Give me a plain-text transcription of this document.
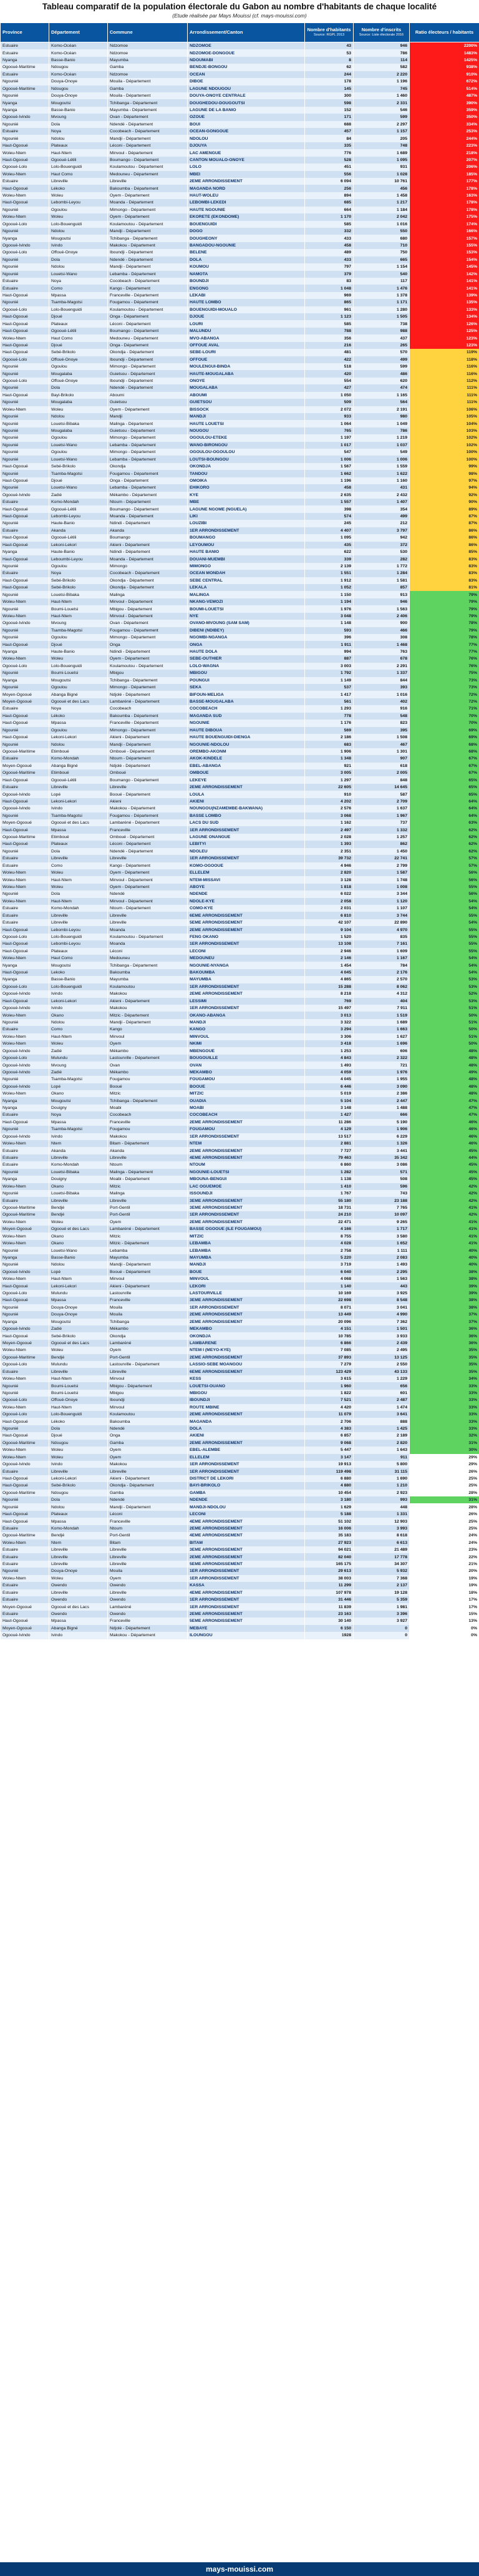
Tableau comparatif de la population électorale du Gabon au nombre d'habitants de chaque localité
(Etude réalisée par Mays Mouissi (cf. mays-mouissi.com)
Province	Département	Commune	Arrondissement/Canton	Nombre d'habitants
Source: RGPL 2013	Nombre d'inscrits
Source: Liste électorale 2016	Ratio électeurs / habitants
Estuaire	Komo-Océan	Ndzomoe	NDZOMOE	43	946	2200%
Estuaire	Komo-Océan	Ndzomoe	NDZOMOE-DONGOUE	53	786	1483%
Nyanga	Basse-Banio	Mayumba	NDOUMABI	8	114	1425%
Ogooué-Maritime	Ndougou	Gamba	BENDJE-BONGOU	62	582	938%
Estuaire	Komo-Océan	Ndzomoe	OCEAN	244	2 220	910%
Ngounié	Douya-Onoye	Mouila - Département	DIBOE	178	1 196	672%
Ogooué-Maritime	Ndougou	Gamba	LAGUNE NDOUGOU	145	745	514%
Ngounié	Douya-Onoye	Mouila - Département	DOUYA-ONOYE CENTRALE	300	1 460	487%
Nyanga	Mougoutsi	Tchibanga - Département	DOUGHEDOU-DOUGOUTSI	598	2 331	390%
Nyanga	Basse-Banio	Mayumba - Département	LAGUNE DE LA BANIO	152	546	359%
Ogooué-Ivindo	Mvoung	Ovan - Département	OZOUE	171	599	350%
Ngounié	Dola	Ndendé - Département	BOUI	688	2 297	334%
Estuaire	Noya	Cocobeach - Département	OCEAN-GONGOUE	457	1 157	253%
Ngounié	Ndolou	Mandji - Département	NDOLOU	84	205	244%
Haut-Ogooué	Plateaux	Léconi - Département	DJOUYA	335	748	223%
Woleu-Ntem	Haut-Ntem	Minvoul - Département	LAC AMENGUE	776	1 689	218%
Haut-Ogooué	Ogooué-Létili	Boumango - Département	CANTON MOUALO-ONOYE	528	1 095	207%
Ogooué-Lolo	Lolo-Bouenguidi	Koulamoutou - Département	LOLO	451	931	206%
Woleu-Ntem	Haut Como	Medouneu - Département	MBEI	556	1 028	185%
Estuaire	Libreville	Libreville	2EME ARRONDISSEMENT	6 094	10 761	177%
Haut-Ogooué	Lékoko	Bakoumba - Département	MAGANDA NORD	256	456	178%
Woleu-Ntem	Woleu	Oyem - Département	HAUT-WOLEU	894	1 458	163%
Haut-Ogooué	Lebombi-Leyou	Moanda - Département	LEBOMBI-LEKEDI	685	1 217	178%
Ngounié	Ogoulou	Mimongo - Département	HAUTE NGOUNIE	664	1 184	178%
Woleu-Ntem	Woleu	Oyem - Département	EKORETE (EKONDOME)	1 170	2 042	175%
Ogooué-Lolo	Lolo-Bouenguidi	Koulamoutou - Département	BOUENGUIDI	585	1 016	174%
Ngounié	Ndolou	Mandji - Département	DOGO	332	550	166%
Nyanga	Mougoutsi	Tchibanga - Département	DOUGHEONY	433	680	157%
Ogooué-Ivindo	Ivindo	Makokou - Département	BANGADOU-NGOUNIE	458	710	155%
Ogooué-Lolo	Offoué-Onoye	Iboundji - Département	BELENE	489	750	153%
Ngounié	Dola	Ndendé - Département	DOLA	433	665	154%
Ngounié	Ndolou	Mandji - Département	KOUMOU	797	1 154	145%
Ngounié	Louetsi-Wano	Lebamba - Département	NAMOTA	379	540	142%
Estuaire	Noya	Cocobeach - Département	BOUNDJI	83	117	141%
Estuaire	Como	Kango - Département	ENGONG	1 048	1 476	141%
Haut-Ogooué	Mpassa	Franceville - Département	LEKABI	969	1 378	139%
Ngounié	Tsamba-Magotsi	Fougamou - Département	HAUTE LOMBO	865	1 171	135%
Ogooué-Lolo	Lolo-Bouenguidi	Koulamoutou - Département	BOUENGUIDI-MOUALO	961	1 280	133%
Haut-Ogooué	Djoué	Onga - Département	DJOUE	1 123	1 505	134%
Haut-Ogooué	Plateaux	Léconi - Département	LOURI	585	738	126%
Haut-Ogooué	Ogooué-Létili	Boumango - Département	MALUNDU	788	988	125%
Woleu-Ntem	Haut Como	Medouneu - Département	MVO-ABANGA	356	437	123%
Haut-Ogooué	Djoué	Onga - Département	OFFOUE AVAL	216	265	123%
Haut-Ogooué	Sebé-Brikolo	Okondja - Département	SEBE-LOURI	481	570	119%
Ogooué-Lolo	Offoué-Onoye	Iboundji - Département	OFFOUE	422	499	118%
Ngounié	Ogoulou	Mimongo - Département	MOULENGUI-BINDA	518	599	116%
Ngounié	Mougalaba	Guietsou - Département	HAUTE-MOUGALABA	420	486	116%
Ogooué-Lolo	Offoué-Onoye	Iboundji - Département	ONOYE	554	620	112%
Ngounié	Dola	Ndendé - Département	MOUGALABA	427	474	111%
Haut-Ogooué	Bayi-Brikolo	Aboumi	ABOUMI	1 050	1 165	111%
Ngounié	Mougalaba	Guietsou	GUIETSOU	509	564	111%
Woleu-Ntem	Woleu	Oyem - Département	BISSOCK	2 072	2 191	106%
Ngounié	Ndolou	Mandji	MANDJI	933	980	105%
Ngounié	Louetsi-Bibaka	Malinga - Département	HAUTE LOUETSI	1 064	1 049	104%
Ngounié	Mougalaba	Guietsou - Département	NOUGOU	765	786	103%
Ngounié	Ogoulou	Mimongo - Département	OGOULOU-ETEKE	1 197	1 219	102%
Ngounié	Louetsi-Wano	Lebamba - Département	WANO-BIRONGOU	1 017	1 037	102%
Ngounié	Ogoulou	Mimongo - Département	OGOULOU-OGOULOU	547	549	100%
Ngounié	Louetsi-Wano	Lebamba - Département	LOUTSI-BOUNGOU	1 006	1 006	100%
Haut-Ogooué	Sebé-Brikolo	Okondja	OKONDJA	1 567	1 559	99%
Ngounié	Tsamba-Magotsi	Fougamou - Département	TANDOU	1 662	1 622	98%
Haut-Ogooué	Djoué	Onga - Département	OMOIKA	1 196	1 160	97%
Ngounié	Louetsi-Wano	Lebamba - Département	EHIKORO	458	431	94%
Ogooué-Ivindo	Zadié	Mékambo - Département	KYE	2 635	2 432	92%
Estuaire	Komo-Mondah	Ntoum - Département	MBE	1 557	1 407	90%
Haut-Ogooué	Ogooué-Létili	Boumango - Département	LAGUNE NGOME (NGUELA)	398	354	89%
Haut-Ogooué	Lebombi-Leyou	Moanda - Département	LIKI	574	499	87%
Ngounié	Haute-Banio	Ndindi - Département	LOUZIBI	245	212	87%
Estuaire	Akanda	Akanda	1ER ARRONDISSEMENT	4 407	3 797	86%
Haut-Ogooué	Ogooué-Létili	Boumango	BOUMANGO	1 095	942	86%
Haut-Ogooué	Lekoni-Lekori	Akieni - Département	LEYOUMOU	435	372	86%
Nyanga	Haute-Banio	Ndindi - Département	HAUTE BANIO	622	530	85%
Haut-Ogooué	Leboumbi-Leyou	Moanda - Département	DOUANI-MUEMBI	339	282	83%
Ngounié	Ogoulou	Mimongo	MIMONGO	2 139	1 772	83%
Estuaire	Noya	Cocobeach - Département	OCEAN MONDAH	1 551	1 284	83%
Haut-Ogooué	Sebé-Brikolo	Okondja - Département	SEBE CENTRAL	1 912	1 581	83%
Haut-Ogooué	Sebé-Brikolo	Okondja - Département	LEKALA	1 052	857	81%
Ngounié	Louetsi-Bibaka	Malinga	MALINGA	1 150	913	79%
Woleu-Ntem	Haut-Ntem	Minvoul - Département	NKANG-VEMOZI	1 194	946	79%
Ngounié	Boumi-Louetsi	Mbigou - Département	BOUMI-LOUETSI	1 976	1 563	79%
Woleu-Ntem	Haut-Ntem	Minvoul - Département	NYE	3 048	2 406	79%
Ogooué-Ivindo	Mvoung	Ovan - Département	OVANO-MVOUNG (SAM SAM)	1 148	900	78%
Ngounié	Tsamba-Magotsi	Fougamou - Département	DIBENI (NDIBEY)	593	466	79%
Ngounié	Ogoulou	Mimongo - Département	NGOMBI-NGANGA	396	308	78%
Haut-Ogooué	Djoué	Onga	ONGA	1 911	1 468	77%
Nyanga	Haute-Banio	Ndindi - Département	HAUTE DOLA	994	763	77%
Woleu-Ntem	Woleu	Oyem - Département	SEBE-OUTHIER	887	678	76%
Ogooué-Lolo	Lolo-Bouenguidi	Koulamoutou - Département	LOLO-WAGNA	3 003	2 291	76%
Ngounié	Boumi-Louetsi	Mbigou	MBIGOU	1 792	1 337	75%
Nyanga	Mougoutsi	Tchibanga - Département	POUNGUI	1 149	844	73%
Ngounié	Ogoulou	Mimongo - Département	SEKA	537	393	73%
Moyen-Ogooué	Abanga Bigné	Ndjolé - Département	BIFOUN-MELIGA	1 417	1 016	72%
Moyen-Ogooué	Ogooué et des Lacs	Lambaréné - Département	BASSE-MOUGALABA	561	402	72%
Estuaire	Noya	Cocobeach	COCOBEACH	1 293	916	71%
Haut-Ogooué	Lékoko	Bakoumba - Département	MAGANDA SUD	778	548	70%
Haut-Ogooué	Mpassa	Franceville - Département	NGOUNIE	1 176	823	70%
Ngounié	Ogoulou	Mimongo - Département	HAUTE DIBOUA	569	395	69%
Haut-Ogooué	Lekoni-Lekori	Akieni - Département	HAUTE BOUENGUIDI-DIENGA	2 186	1 508	69%
Ngounié	Ndolou	Mandji - Département	NGOUNIE-NDOLOU	683	467	68%
Ogooué-Maritime	Etimboué	Omboué - Département	OREMBO-AKONM	1 906	1 301	68%
Estuaire	Komo-Mondah	Ntoum - Département	AKOK-KINDELE	1 348	907	67%
Moyen-Ogooué	Abanga Bigné	Ndjolé - Département	EBEL-ABANGA	921	618	67%
Ogooué-Maritime	Etimboué	Omboué	OMBOUE	3 005	2 005	67%
Haut-Ogooué	Ogooué-Létili	Boumango - Département	LEKEYE	1 297	848	65%
Estuaire	Libreville	Libreville	2EME ARRONDISSEMENT	22 605	14 645	65%
Ogooué-Ivindo	Lopé	Booué - Département	LOULA	910	587	65%
Haut-Ogooué	Lekoni-Lekori	Akieni	AKIENI	4 202	2 709	64%
Ogooué-Ivindo	Ivindo	Makokou - Département	NOUNGOU(NZAMEMBE-BAKWANA)	2 576	1 637	64%
Ngounié	Tsamba-Magotsi	Fougamou - Département	BASSE LOMBO	3 068	1 967	64%
Moyen-Ogooué	Ogooué et des Lacs	Lambaréné - Département	LACS DU SUD	1 162	737	63%
Haut-Ogooué	Mpassa	Franceville	1ER ARRONDISSEMENT	2 497	1 332	62%
Ogooué-Maritime	Etimboué	Omboué - Département	LAGUNE ONANGUE	2 028	1 257	62%
Haut-Ogooué	Plateaux	Léconi - Département	LEBITYI	1 393	862	62%
Ngounié	Dola	Ndendé - Département	NDOLEU	2 351	1 450	62%
Estuaire	Libreville	Libreville	1ER ARRONDISSEMENT	39 732	22 741	57%
Estuaire	Como	Kango - Département	KOMO-OGOOUE	4 946	2 799	57%
Woleu-Ntem	Woleu	Oyem - Département	ELLELEM	2 820	1 587	56%
Woleu-Ntem	Haut-Ntem	Minvoul - Département	NTEM-MISSAVI	3 128	1 748	56%
Woleu-Ntem	Woleu	Oyem - Département	ABOYE	1 818	1 008	55%
Ngounié	Dola	Ndendé	NDENDE	6 022	3 344	56%
Woleu-Ntem	Haut-Ntem	Minvoul - Département	NDOLE-KYE	2 058	1 120	54%
Estuaire	Komo-Mondah	Ntoum - Département	COMO-KYE	2 031	1 107	54%
Estuaire	Libreville	Libreville	6EME ARRONDISSEMENT	6 810	3 744	55%
Estuaire	Libreville	Libreville	5EME ARRONDISSEMENT	42 107	22 890	54%
Haut-Ogooué	Lebombi-Leyou	Moanda	2EME ARRONDISSEMENT	9 104	4 970	55%
Ogooué-Lolo	Lolo-Bouenguidi	Koulamoutou - Département	FENG OKANO	1 520	835	55%
Haut-Ogooué	Lebombi-Leyou	Moanda	1ER ARRONDISSEMENT	13 108	7 161	55%
Haut-Ogooué	Plateaux	Léconi	LECONI	2 946	1 609	55%
Woleu-Ntem	Haut Como	Medouneu	MEDOUNEU	2 146	1 167	54%
Nyanga	Mougoutsi	Tchibanga - Département	NGOUNIE-NYANGA	1 454	784	54%
Haut-Ogooué	Lekoko	Bakoumba	BAKOUMBA	4 045	2 176	54%
Nyanga	Basse-Banio	Mayumba	MAYUMBA	4 865	2 570	53%
Ogooué-Lolo	Lolo-Bouenguidi	Koulamoutou	1ER ARRONDISSEMENT	15 288	8 062	53%
Ogooué-Ivindo	Ivindo	Makokou	2EME ARRONDISSEMENT	8 218	4 312	52%
Haut-Ogooué	Lekoni-Lekori	Akieni - Département	LESSIMI	769	404	53%
Ogooué-Ivindo	Ivindo	Makokou	1ER ARRONDISSEMENT	15 497	7 911	51%
Woleu-Ntem	Okano	Mitzic - Département	OKANO-ABANGA	3 013	1 519	50%
Ngounié	Ndolou	Mandji - Département	MANDJI	3 322	1 689	51%
Estuaire	Como	Kango	KANGO	3 294	1 663	50%
Woleu-Ntem	Haut-Ntem	Minvoul	MINVOUL	3 306	1 627	51%
Woleu-Ntem	Woleu	Oyem	NKIMI	3 418	1 696	50%
Ogooué-Ivindo	Zadié	Mékambo	MBENGOUE	1 253	606	48%
Ogooué-Lolo	Mulundu	Lastourville - Département	BOUGOUILLE	4 843	2 322	48%
Ogooué-Ivindo	Mvoung	Ovan	OVAN	1 493	721	48%
Ogooué-Ivindo	Zadié	Mékambo	MEKAMBO	4 059	1 976	49%
Ngounié	Tsamba-Magotsi	Fougamou	FOUGAMOU	4 045	1 955	48%
Ogooué-Ivindo	Lopé	Booué	BOOUE	6 446	3 090	48%
Woleu-Ntem	Okano	Mitzic	MITZIC	5 019	2 386	48%
Nyanga	Mougoutsi	Tchibanga - Département	OUADIA	5 104	2 447	47%
Nyanga	Douigny	Moabi	MOABI	3 148	1 488	47%
Estuaire	Noya	Cocobeach	COCOBEACH	1 427	666	47%
Haut-Ogooué	Mpassa	Franceville	2EME ARRONDISSEMENT	11 286	5 190	46%
Ngounié	Tsamba-Magotsi	Fougamou	FOUGAMOU	4 129	1 906	46%
Ogooué-Ivindo	Ivindo	Makokou	1ER ARRONDISSEMENT	13 517	6 229	46%
Woleu-Ntem	Ntem	Bitam - Département	NTEM	2 881	1 326	46%
Estuaire	Akanda	Akanda	2EME ARRONDISSEMENT	7 727	3 441	45%
Estuaire	Libreville	Libreville	4EME ARRONDISSEMENT	79 463	35 342	44%
Estuaire	Komo-Mondah	Ntoum	NTOUM	6 860	3 086	45%
Ngounié	Louetsi-Bibaka	Malinga - Département	NGOUNIE-LOUETSI	1 282	571	45%
Nyanga	Douigny	Moabi - Département	MBOUNA-BENGUI	1 138	508	45%
Woleu-Ntem	Okano	Mitzic	LAC OGUEMOE	1 410	596	42%
Ngounié	Louetsi-Bibaka	Malinga	ISSOUNDJI	1 767	743	42%
Estuaire	Libreville	Libreville	3EME ARRONDISSEMENT	55 180	23 188	42%
Ogooué-Maritime	Bendjé	Port-Gentil	3EME ARRONDISSEMENT	18 731	7 765	41%
Ogooué-Maritime	Bendjé	Port-Gentil	1ER ARRONDISSEMENT	24 210	10 097	42%
Woleu-Ntem	Woleu	Oyem	2EME ARRONDISSEMENT	22 471	9 265	41%
Moyen-Ogooué	Ogooué et des Lacs	Lambaréné - Département	BASSE OGOOUE (ILE FOUGAMOU)	4 166	1 717	41%
Woleu-Ntem	Okano	Mitzic	MITZIC	8 755	3 580	41%
Woleu-Ntem	Okano	Mitzic - Département	LEBAMBA	4 028	1 652	41%
Ngounié	Louetsi-Wano	Lebamba	LEBAMBA	2 758	1 111	40%
Nyanga	Basse-Banio	Mayumba	MAYUMBA	5 220	2 083	40%
Ngounié	Ndolou	Mandji - Département	MANDJI	3 719	1 493	40%
Ogooué-Ivindo	Lopé	Booué - Département	BOUE	6 040	2 295	38%
Woleu-Ntem	Haut-Ntem	Minvoul	MINVOUL	4 068	1 563	38%
Haut-Ogooué	Lekoni-Lekori	Akieni - Département	LEKORI	1 140	443	39%
Ogooué-Lolo	Mulundu	Lastourville	LASTOURVILLE	10 169	3 925	39%
Haut-Ogooué	Mpassa	Franceville	3EME ARRONDISSEMENT	22 698	8 548	38%
Ngounié	Douya-Onoye	Mouila	1ER ARRONDISSEMENT	8 071	3 041	38%
Ngounié	Douya-Onoye	Mouila	2EME ARRONDISSEMENT	13 449	4 990	37%
Nyanga	Mougoutsi	Tchibanga	2EME ARRONDISSEMENT	20 096	7 362	37%
Ogooué-Ivindo	Zadié	Mékambo	MEKAMBO	4 151	1 501	36%
Haut-Ogooué	Sebé-Brikolo	Okondja	OKONDJA	10 785	3 933	36%
Moyen-Ogooué	Ogooué et des Lacs	Lambaréné	LAMBARENE	6 866	2 439	36%
Woleu-Ntem	Woleu	Oyem	NTEM I (MEYO-KYE)	7 085	2 495	35%
Ogooué-Maritime	Bendjé	Port-Gentil	2EME ARRONDISSEMENT	37 893	13 125	35%
Ogooué-Lolo	Mulundu	Lastourville - Département	LASSIO-SEBE MOANGOU	7 279	2 550	35%
Estuaire	Libreville	Libreville	6EME ARRONDISSEMENT	123 429	43 133	35%
Woleu-Ntem	Haut-Ntem	Minvoul	KESS	3 615	1 229	34%
Ngounié	Boumi-Louetsi	Mbigou - Département	LOUETSI-OUANO	1 960	656	33%
Ngounié	Boumi-Louetsi	Mbigou	MBIGOU	1 822	601	33%
Ogooué-Lolo	Offoué-Onoye	Iboundji	IBOUNDJI	7 521	2 487	33%
Woleu-Ntem	Haut-Ntem	Minvoul	ROUTE MBINE	4 420	1 474	33%
Ogooué-Lolo	Lolo-Bouenguidi	Koulamoutou	2EME ARRONDISSEMENT	11 079	3 641	33%
Haut-Ogooué	Lékoko	Bakoumba	MAGANDA	2 706	888	33%
Ngounié	Dola	Ndendé	DOLA	4 383	1 425	33%
Haut-Ogooué	Djoué	Onga	AKIENI	6 857	2 189	32%
Ogooué-Maritime	Ndougou	Gamba	2EME ARRONDISSEMENT	9 068	2 820	31%
Woleu-Ntem	Woleu	Oyem	EBEL-ALEMBE	5 447	1 643	30%
Woleu-Ntem	Woleu	Oyem	ELLELEM	3 147	911	29%
Ogooué-Ivindo	Ivindo	Makokou	1ER ARRONDISSEMENT	19 913	5 800	29%
Estuaire	Libreville	Libreville	1ER ARRONDISSEMENT	119 498	31 115	26%
Haut-Ogooué	Lekoni-Lekori	Akieni - Département	DISTRICT DE LEKORI	6 880	1 690	25%
Haut-Ogooué	Sebé-Brikolo	Okondja - Département	BAYI-BRIKOLO	4 880	1 210	25%
Ogooué-Maritime	Ndougou	Gamba	GAMBA	10 454	2 923	28%
Ngounié	Dola	Ndendé	NDENDE	3 180	993	31%
Ngounié	Ndolou	Mandji - Département	MANDJI-NDOLOU	1 629	448	28%
Haut-Ogooué	Plateaux	Léconi	LECONI	5 188	1 331	26%
Haut-Ogooué	Mpassa	Franceville	4EME ARRONDISSEMENT	51 102	12 903	25%
Estuaire	Komo-Mondah	Ntoum	2EME ARRONDISSEMENT	16 006	3 993	25%
Ogooué-Maritime	Bendjé	Port-Gentil	4EME ARRONDISSEMENT	35 183	8 618	24%
Woleu-Ntem	Ntem	Bitam	BITAM	27 923	6 613	24%
Estuaire	Libreville	Libreville	3EME ARRONDISSEMENT	94 021	21 489	23%
Estuaire	Libreville	Libreville	2EME ARRONDISSEMENT	82 040	17 778	22%
Estuaire	Libreville	Libreville	5EME ARRONDISSEMENT	165 175	34 307	21%
Ngounié	Douya-Onoye	Mouila	1ER ARRONDISSEMENT	29 613	5 932	20%
Woleu-Ntem	Woleu	Oyem	1ER ARRONDISSEMENT	38 003	7 368	19%
Estuaire	Owendo	Owendo	KASSA	11 299	2 137	19%
Estuaire	Libreville	Libreville	4EME ARRONDISSEMENT	107 978	19 128	18%
Estuaire	Owendo	Owendo	1ER ARRONDISSEMENT	31 446	5 359	17%
Moyen-Ogooué	Ogooué et des Lacs	Lambaréné	1ER ARRONDISSEMENT	11 839	1 981	17%
Estuaire	Owendo	Owendo	2EME ARRONDISSEMENT	23 163	3 396	15%
Haut-Ogooué	Mpassa	Franceville	5EME ARRONDISSEMENT	30 140	3 927	13%
Moyen-Ogooué	Abanga Bigné	Ndjolé - Département	MEBAYE	6 150	0	0%
Ogooué-Ivindo	Ivindo	Makokou - Département	ILOUNGOU	1928	0	0%
mays-mouissi.com
